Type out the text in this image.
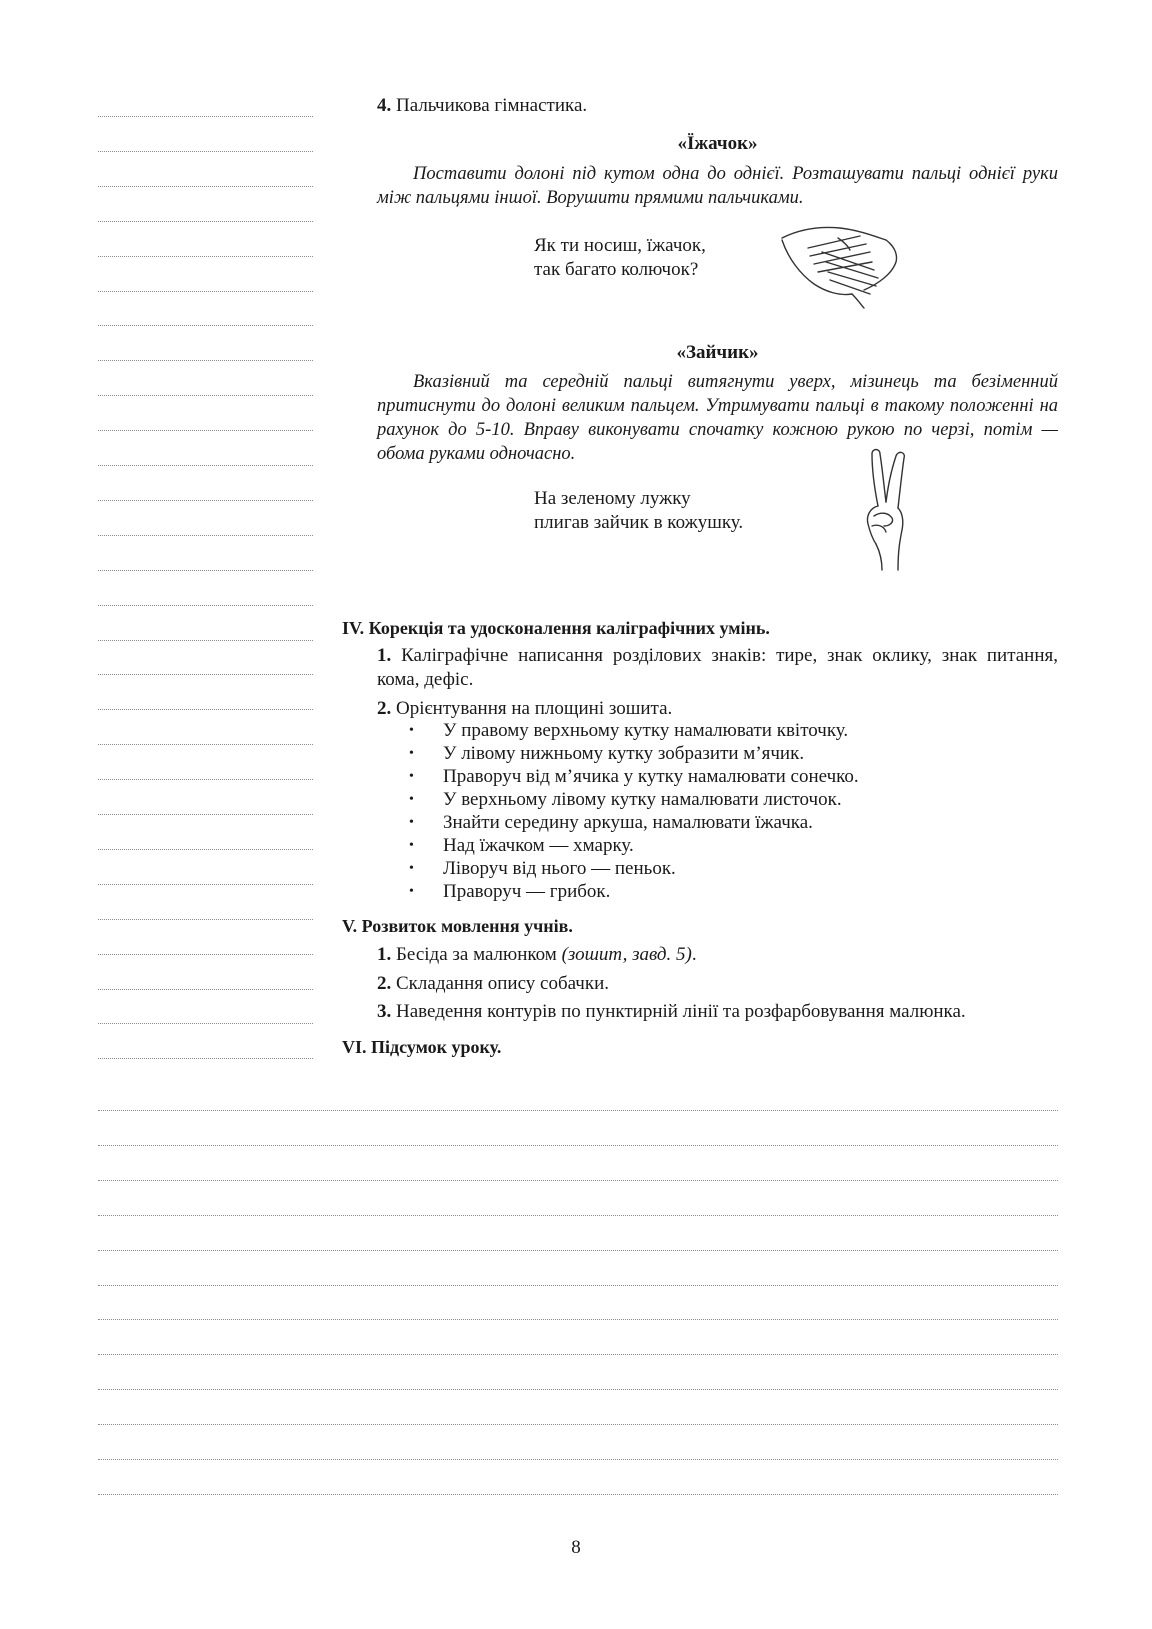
4. Пальчикова гімнастика.
«Їжачок»
Поставити долоні під кутом одна до однієї. Розташувати пальці однієї руки між пальцями іншої. Ворушити прямими пальчиками.
Як ти носиш, їжачок,
так багато колючок?
«Зайчик»
Вказівний та середній пальці витягнути уверх, мізинець та безіменний притиснути до долоні великим пальцем. Утримувати пальці в такому положенні на рахунок до 5-10. Вправу виконувати спочатку кожною рукою по черзі, потім — обома руками одночасно.
На зеленому лужку
плигав зайчик в кожушку.
IV. Корекція та удосконалення каліграфічних умінь.
1. Каліграфічне написання розділових знаків: тире, знак оклику, знак питання, кома, дефіс.
2. Орієнтування на площині зошита.
• У правому верхньому кутку намалювати квіточку.
• У лівому нижньому кутку зобразити м’ячик.
• Праворуч від м’ячика у кутку намалювати сонечко.
• У верхньому лівому кутку намалювати листочок.
• Знайти середину аркуша, намалювати їжачка.
• Над їжачком — хмарку.
• Ліворуч від нього — пеньок.
• Праворуч — грибок.
V. Розвиток мовлення учнів.
1. Бесіда за малюнком (зошит, завд. 5).
2. Складання опису собачки.
3. Наведення контурів по пунктирній лінії та розфарбовування малюнка.
VI. Підсумок уроку.
8
